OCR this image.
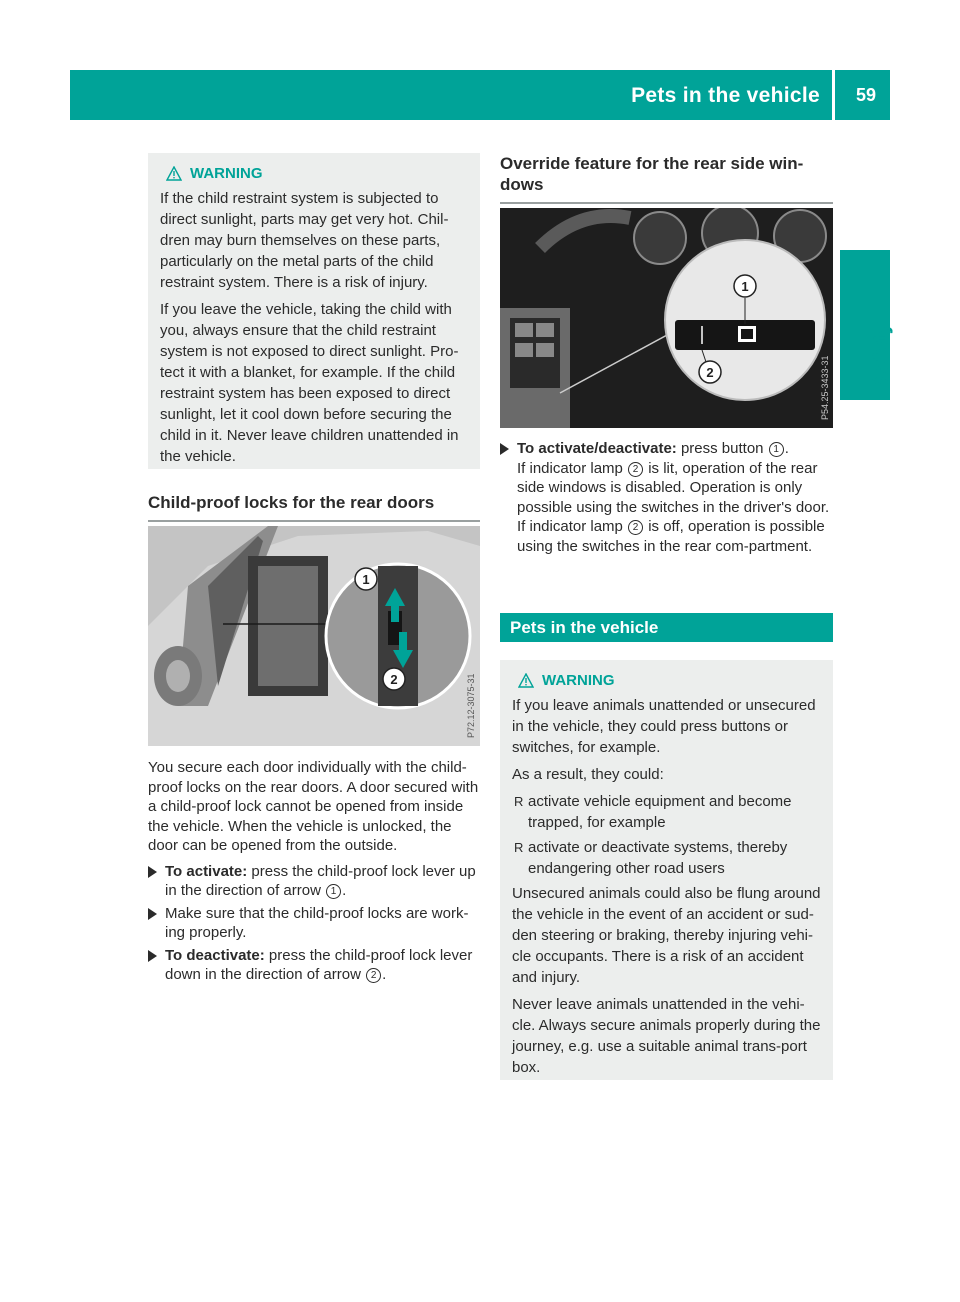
Pets in the vehicle 59
Safety
WARNING

If the child restraint system is subjected to direct sunlight, parts may get very hot. Chil-dren may burn themselves on these parts, particularly on the metal parts of the child restraint system. There is a risk of injury.

If you leave the vehicle, taking the child with you, always ensure that the child restraint system is not exposed to direct sunlight. Pro-tect it with a blanket, for example. If the child restraint system has been exposed to direct sunlight, let it cool down before securing the child in it. Never leave children unattended in the vehicle.

Child-proof locks for the rear doors
1
2	P72.12-3075-31

You secure each door individually with the child-proof locks on the rear doors. A door secured with a child-proof lock cannot be opened from inside the vehicle. When the vehicle is unlocked, the door can be opened from the outside.

To activate: press the child-proof lock lever up in the direction of arrow 1 .
Make sure that the child-proof locks are work-ing properly.
To deactivate: press the child-proof lock lever down in the direction of arrow 2 .
Override feature for the rear side win-dows
1
2	P54.25-3433-31
To activate/deactivate: press button 1 .
If indicator lamp 2 is lit, operation of the rear side windows is disabled. Operation is only possible using the switches in the driver's door. If indicator lamp 2 is off, operation is possible using the switches in the rear com-partment.
Pets in the vehicle
WARNING

If you leave animals unattended or unsecured in the vehicle, they could press buttons or switches, for example.

As a result, they could:

R activate vehicle equipment and become trapped, for example
R activate or deactivate systems, thereby endangering other road users

Unsecured animals could also be flung around the vehicle in the event of an accident or sud-den steering or braking, thereby injuring vehi-cle occupants. There is a risk of an accident and injury.

Never leave animals unattended in the vehi-cle. Always secure animals properly during the journey, e.g. use a suitable animal trans-port box.
